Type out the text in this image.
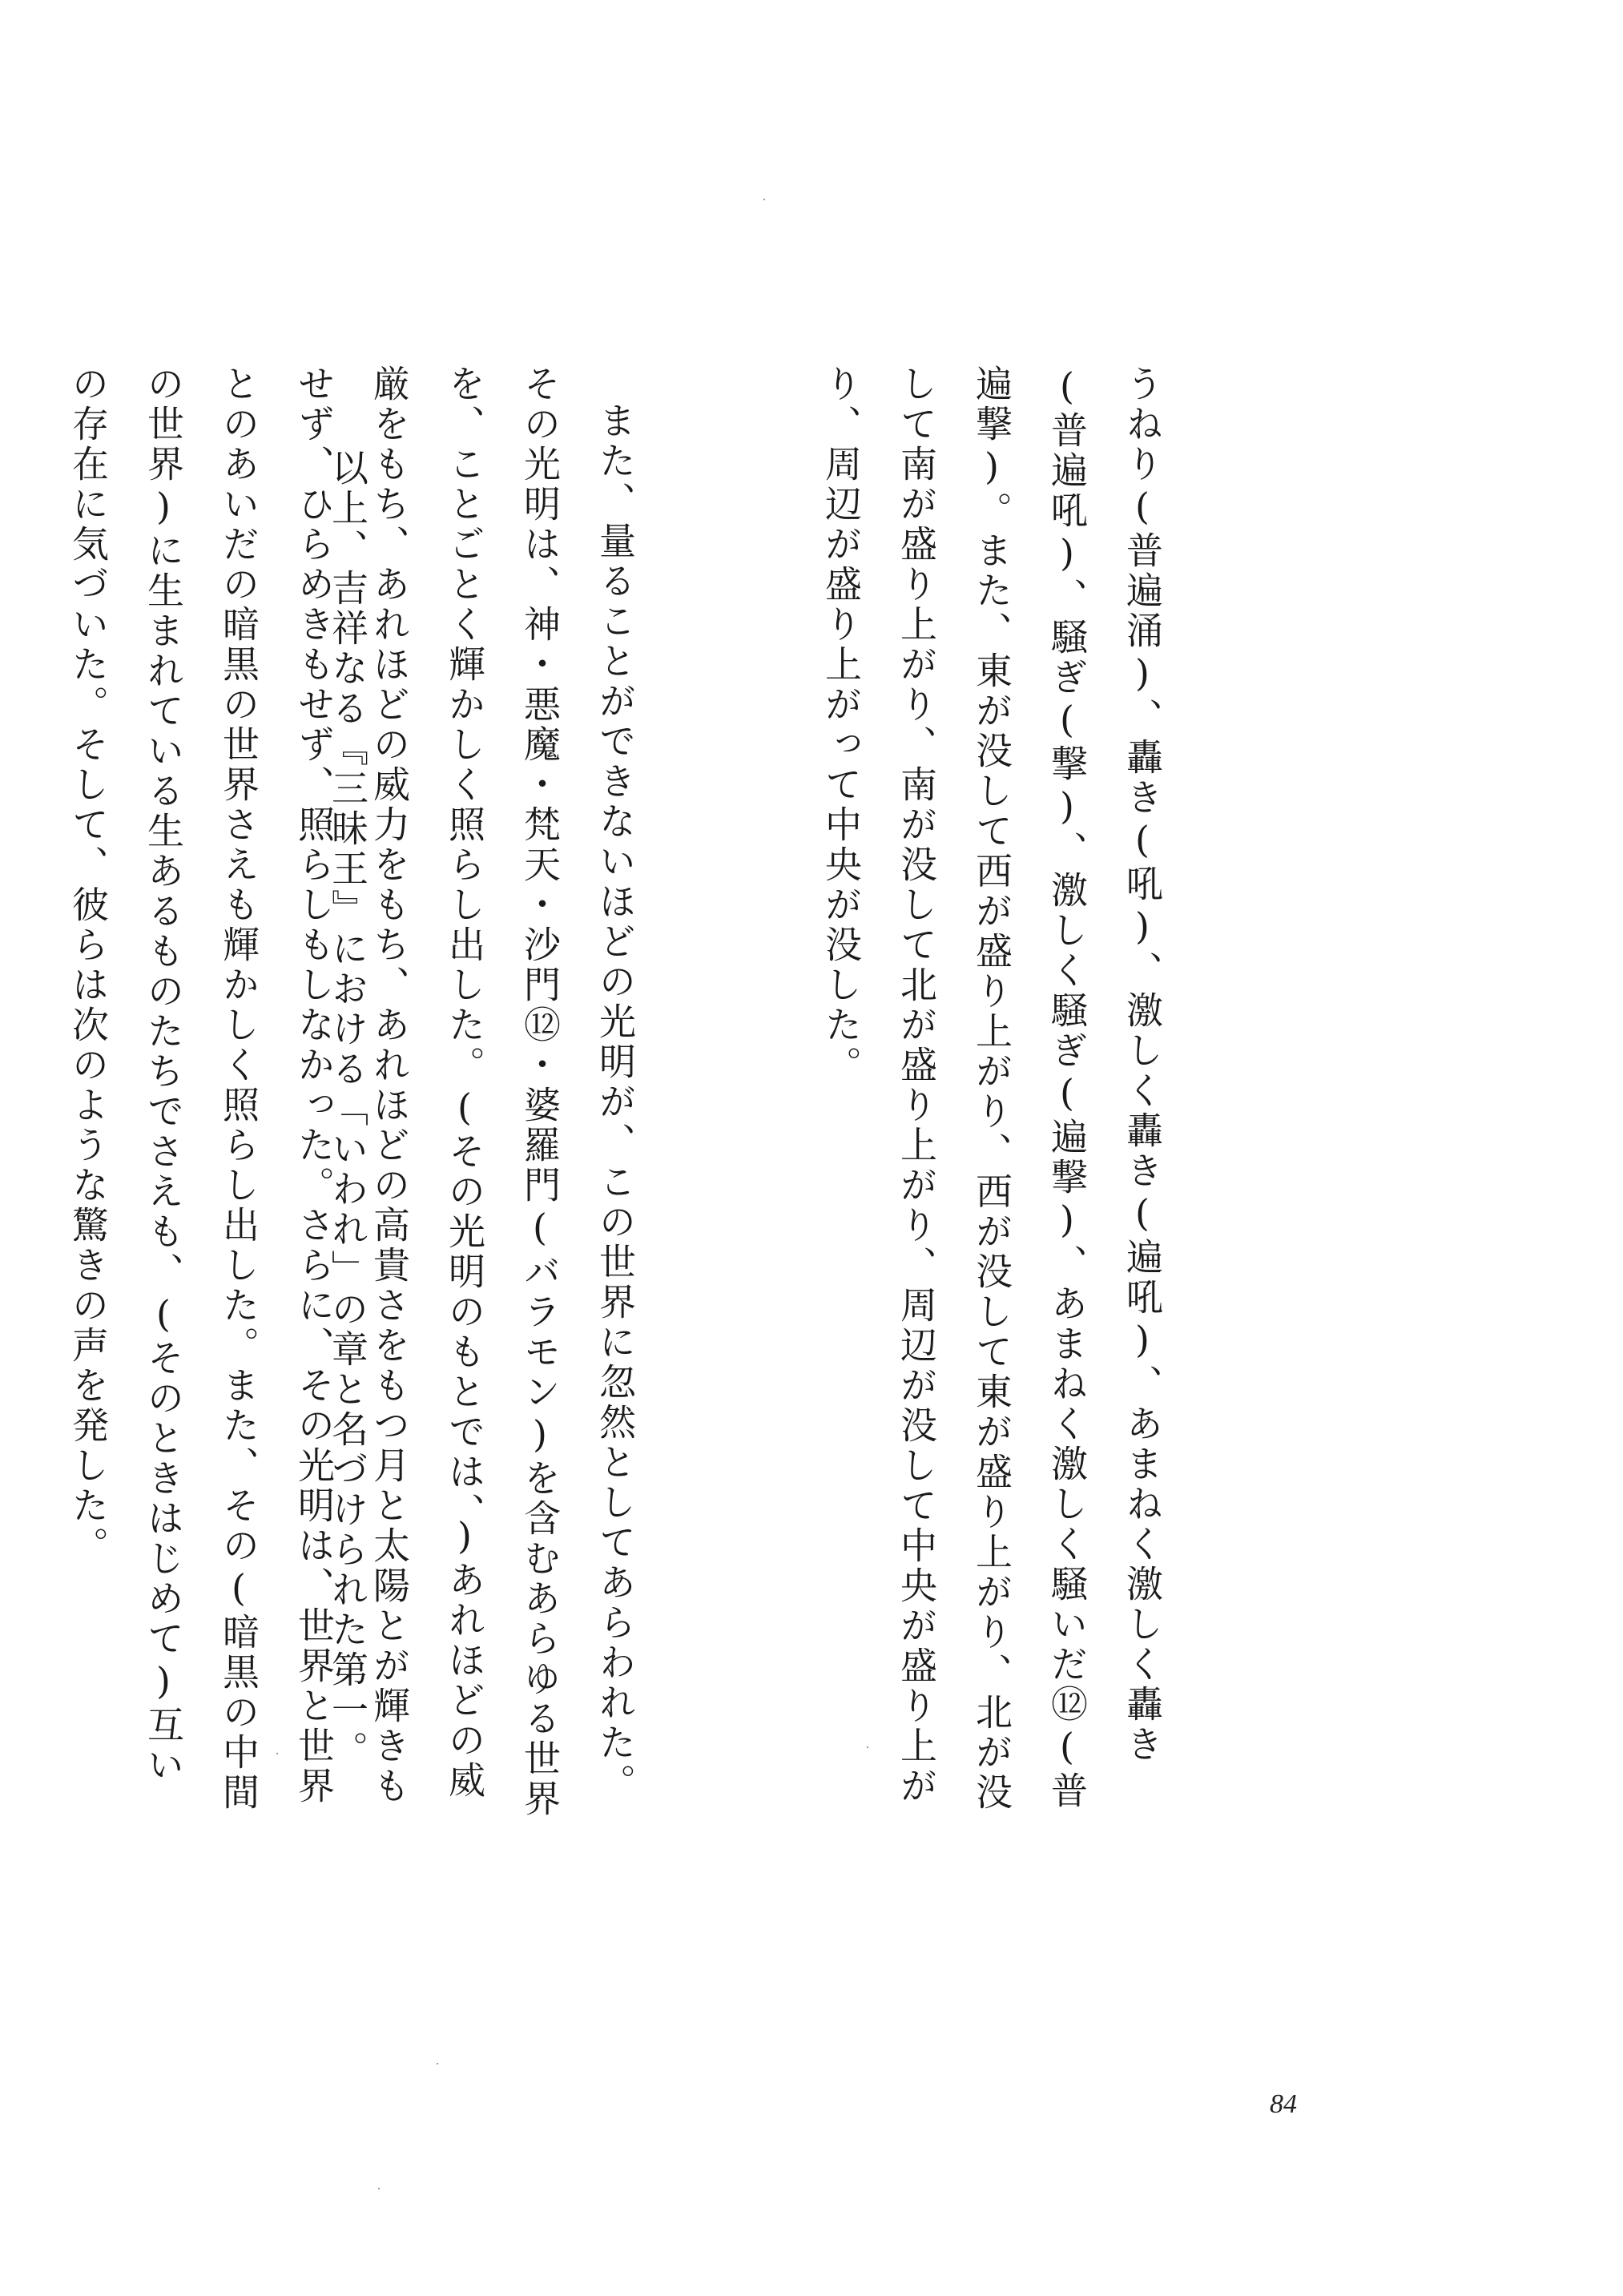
うねり(普遍涌)、轟き(吼)、激しく轟き(遍吼)、あまねく激しく轟き(普遍吼)、騒ぎ(撃)、激しく騒ぎ(遍撃)、あまねく激しく騒いだ⑫(普遍撃)。また、東が没して西が盛り上がり、西が没して東が盛り上がり、北が没して南が盛り上がり、南が没して北が盛り上がり、周辺が没して中央が盛り上がり、周辺が盛り上がって中央が没した。

また、量ることができないほどの光明が、この世界に忽然としてあらわれた。その光明は、神・悪魔・梵天・沙門⑫・婆羅門(バラモン)を含むあらゆる世界を、ことごとく輝かしく照らし出した。(その光明のもとでは、)あれほどの威厳をもち、あれほどの威力をもち、あれほどの高貴さをもつ月と太陽とが輝きもせず、ひらめきもせず、照らしもしなかった。さらに、その光明は、世界と世界とのあいだの暗黒の世界さえも輝かしく照らし出した。また、その(暗黒の中間の世界)に生まれている生あるものたちでさえも、(そのときはじめて)互いの存在に気づいた。そして、彼らは次のような驚きの声を発した。

	以上、吉祥なる『三昧王』における「いわれ」の章と名づけられた第一。

84
